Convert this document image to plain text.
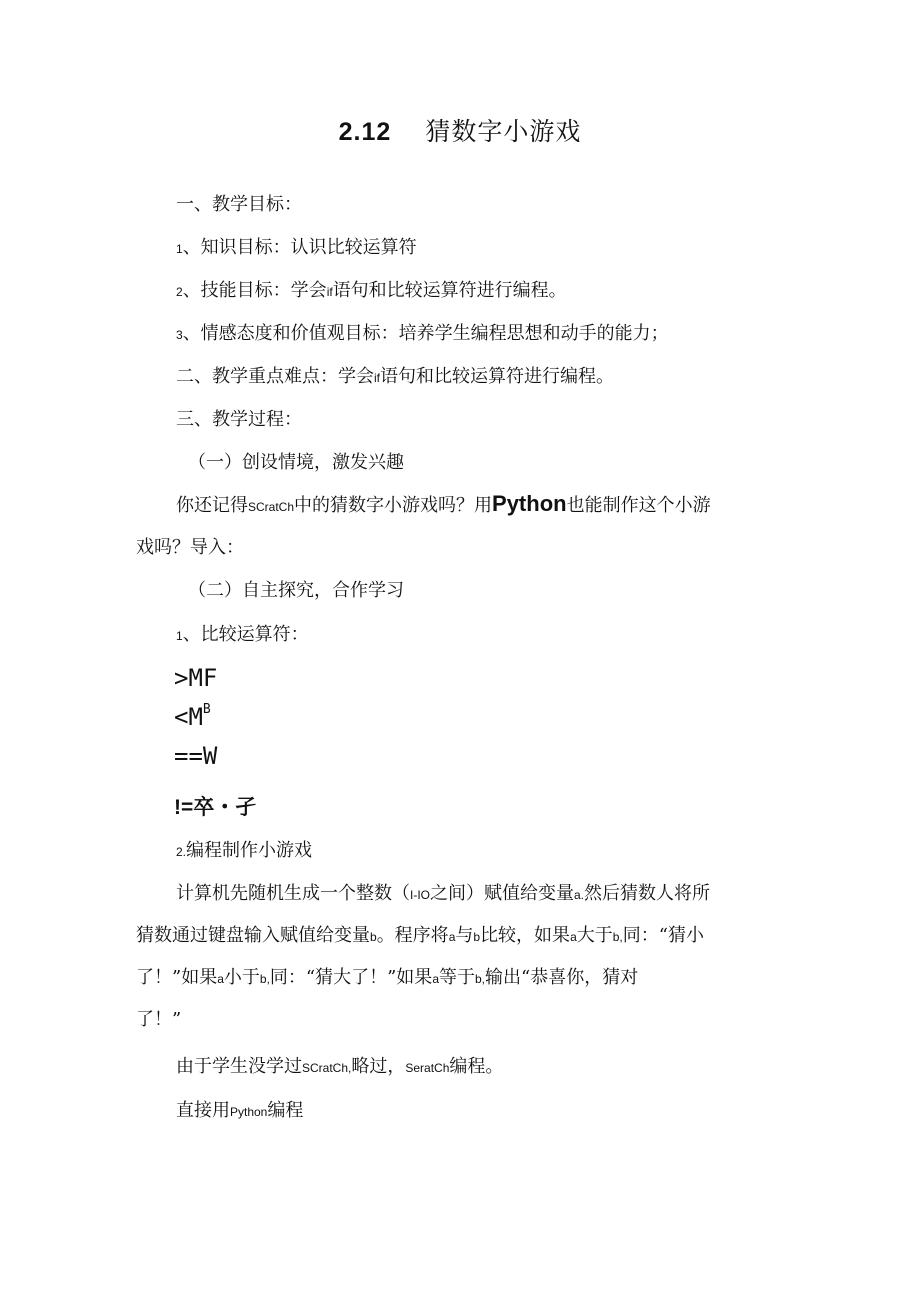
2.12 猜数字小游戏
一、教学目标：
1、知识目标：认识比较运算符
2、技能目标：学会if语句和比较运算符进行编程。
3、情感态度和价值观目标：培养学生编程思想和动手的能力；
二、教学重点难点：学会if语句和比较运算符进行编程。
三、教学过程：
（一）创设情境，激发兴趣
你还记得SCratCh中的猜数字小游戏吗？用Python也能制作这个小游
戏吗？导入：
（二）自主探究，合作学习
1、比较运算符：
>MF
$<M^B$
==W
!=卒・孑
2.编程制作小游戏
计算机先随机生成一个整数（I-IO之间）赋值给变量a.然后猜数人将所
猜数通过键盘输入赋值给变量b。程序将a与b比较，如果a大于b,同：“猜小
了！”如果a小于b,同：“猜大了！”如果a等于b,输出“恭喜你，猜对
了！”
由于学生没学过SCratCh,略过，SeratCh编程。
直接用Python编程
